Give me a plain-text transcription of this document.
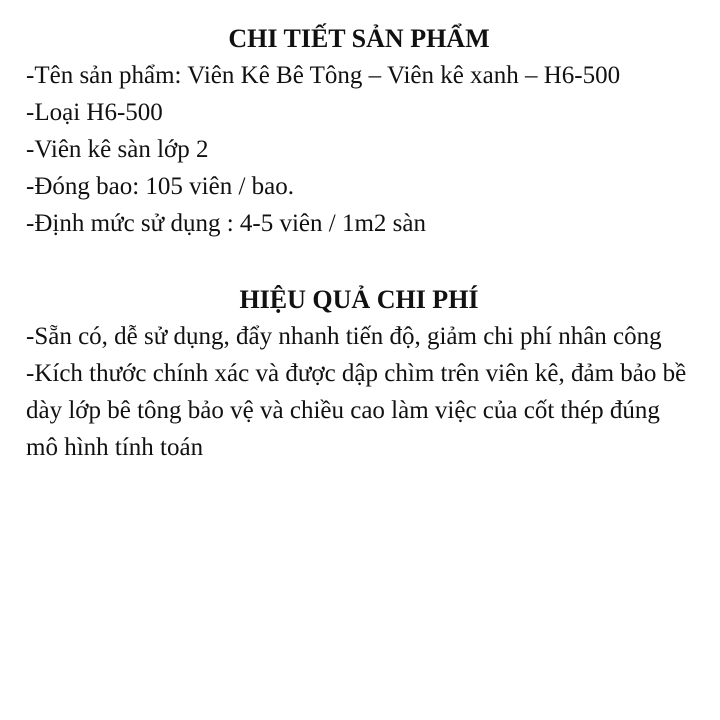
CHI TIẾT SẢN PHẨM
-Tên sản phẩm: Viên Kê Bê Tông – Viên kê xanh – H6-500
-Loại H6-500
-Viên kê sàn lớp 2
-Đóng bao: 105 viên / bao.
-Định mức sử dụng : 4-5 viên / 1m2 sàn
HIỆU QUẢ CHI PHÍ
-Sẵn có, dễ sử dụng, đẩy nhanh tiến độ, giảm chi phí nhân công
-Kích thước chính xác và được dập chìm trên viên kê, đảm bảo bề dày lớp bê tông bảo vệ và chiều cao làm việc của cốt thép đúng mô hình tính toán
